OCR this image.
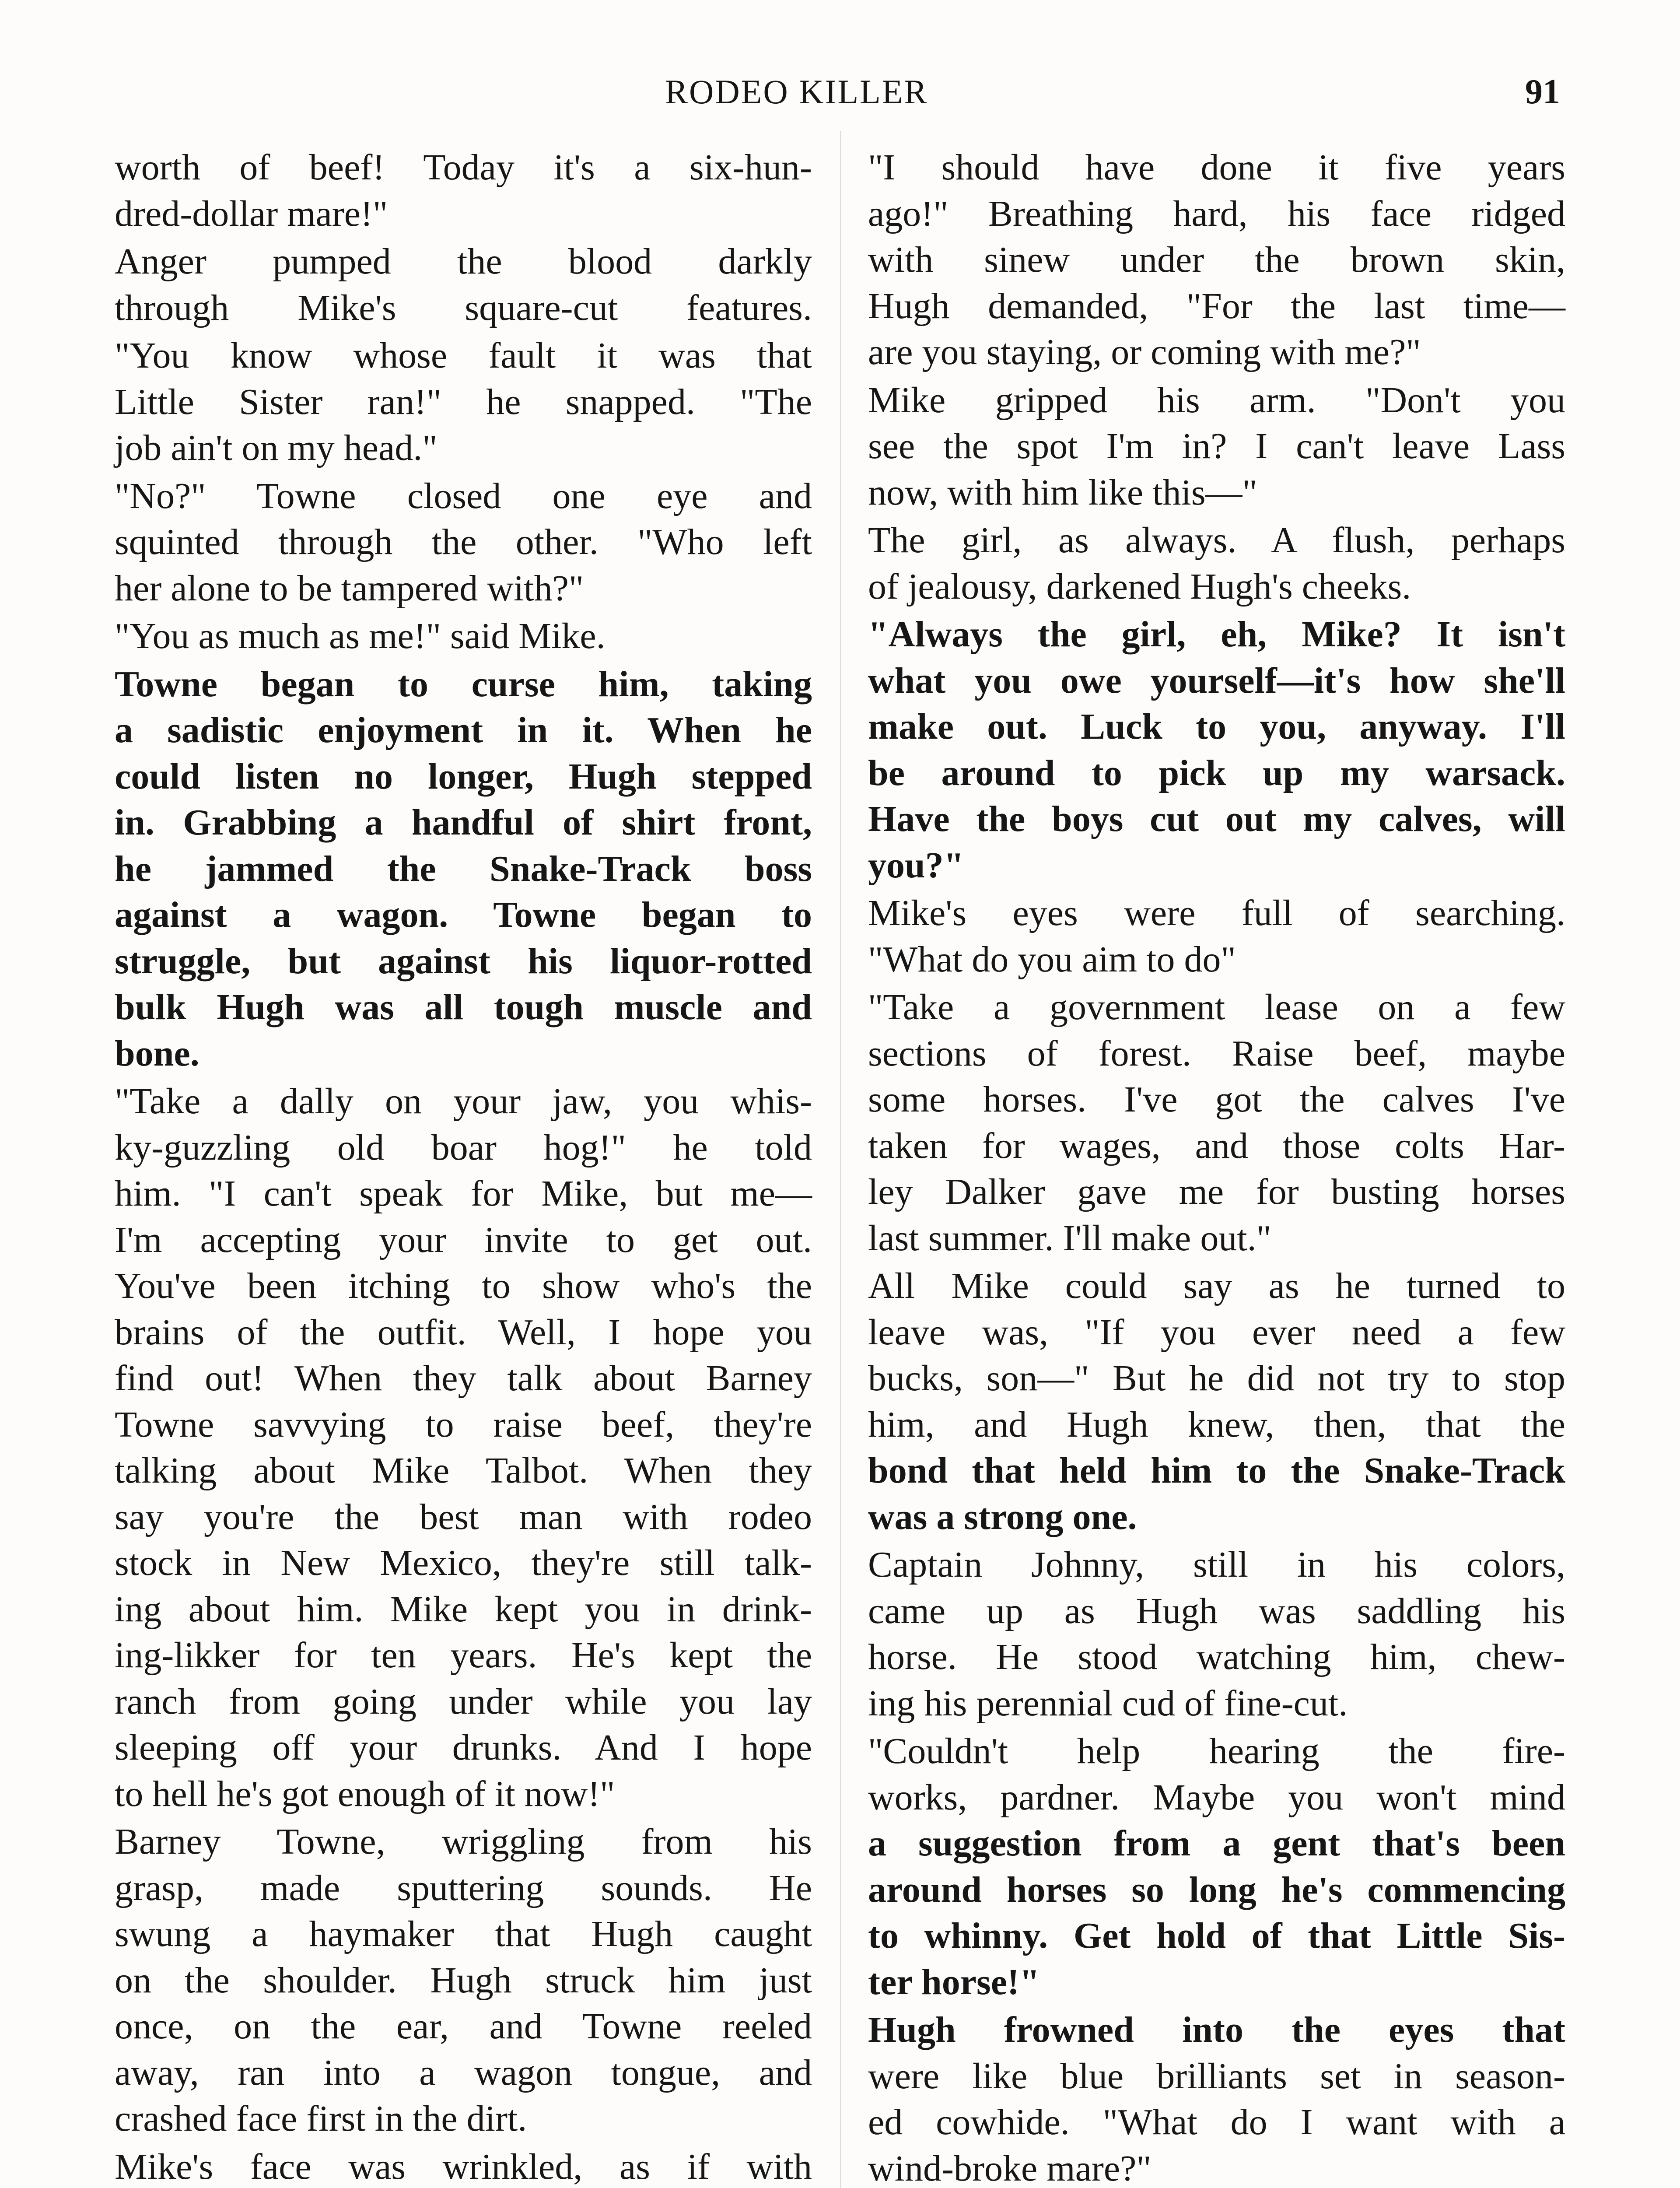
RODEO KILLER	91
worth of beef! Today it's a six-hun-
dred-dollar mare!"
Anger pumped the blood darkly
through Mike's square-cut features.
"You know whose fault it was that
Little Sister ran!" he snapped. "The
job ain't on my head."
"No?" Towne closed one eye and
squinted through the other. "Who left
her alone to be tampered with?"
"You as much as me!" said Mike.
Towne began to curse him, taking
a sadistic enjoyment in it. When he
could listen no longer, Hugh stepped
in. Grabbing a handful of shirt front,
he jammed the Snake-Track boss
against a wagon. Towne began to
struggle, but against his liquor-rotted
bulk Hugh was all tough muscle and
bone.
"Take a dally on your jaw, you whis-
ky-guzzling old boar hog!" he told
him. "I can't speak for Mike, but me—
I'm accepting your invite to get out.
You've been itching to show who's the
brains of the outfit. Well, I hope you
find out! When they talk about Barney
Towne savvying to raise beef, they're
talking about Mike Talbot. When they
say you're the best man with rodeo
stock in New Mexico, they're still talk-
ing about him. Mike kept you in drink-
ing-likker for ten years. He's kept the
ranch from going under while you lay
sleeping off your drunks. And I hope
to hell he's got enough of it now!"
Barney Towne, wriggling from his
grasp, made sputtering sounds. He
swung a haymaker that Hugh caught
on the shoulder. Hugh struck him just
once, on the ear, and Towne reeled
away, ran into a wagon tongue, and
crashed face first in the dirt.
Mike's face was wrinkled, as if with
"I should have done it five years
ago!" Breathing hard, his face ridged
with sinew under the brown skin,
Hugh demanded, "For the last time—
are you staying, or coming with me?"
Mike gripped his arm. "Don't you
see the spot I'm in? I can't leave Lass
now, with him like this—"
The girl, as always. A flush, perhaps
of jealousy, darkened Hugh's cheeks.
"Always the girl, eh, Mike? It isn't
what you owe yourself—it's how she'll
make out. Luck to you, anyway. I'll
be around to pick up my warsack.
Have the boys cut out my calves, will
you?"
Mike's eyes were full of searching.
"What do you aim to do"
"Take a government lease on a few
sections of forest. Raise beef, maybe
some horses. I've got the calves I've
taken for wages, and those colts Har-
ley Dalker gave me for busting horses
last summer. I'll make out."
All Mike could say as he turned to
leave was, "If you ever need a few
bucks, son—" But he did not try to stop
him, and Hugh knew, then, that the
bond that held him to the Snake-Track
was a strong one.
Captain Johnny, still in his colors,
came up as Hugh was saddling his
horse. He stood watching him, chew-
ing his perennial cud of fine-cut.
"Couldn't help hearing the fire-
works, pardner. Maybe you won't mind
a suggestion from a gent that's been
around horses so long he's commencing
to whinny. Get hold of that Little Sis-
ter horse!"
Hugh frowned into the eyes that
were like blue brilliants set in season-
ed cowhide. "What do I want with a
wind-broke mare?"
